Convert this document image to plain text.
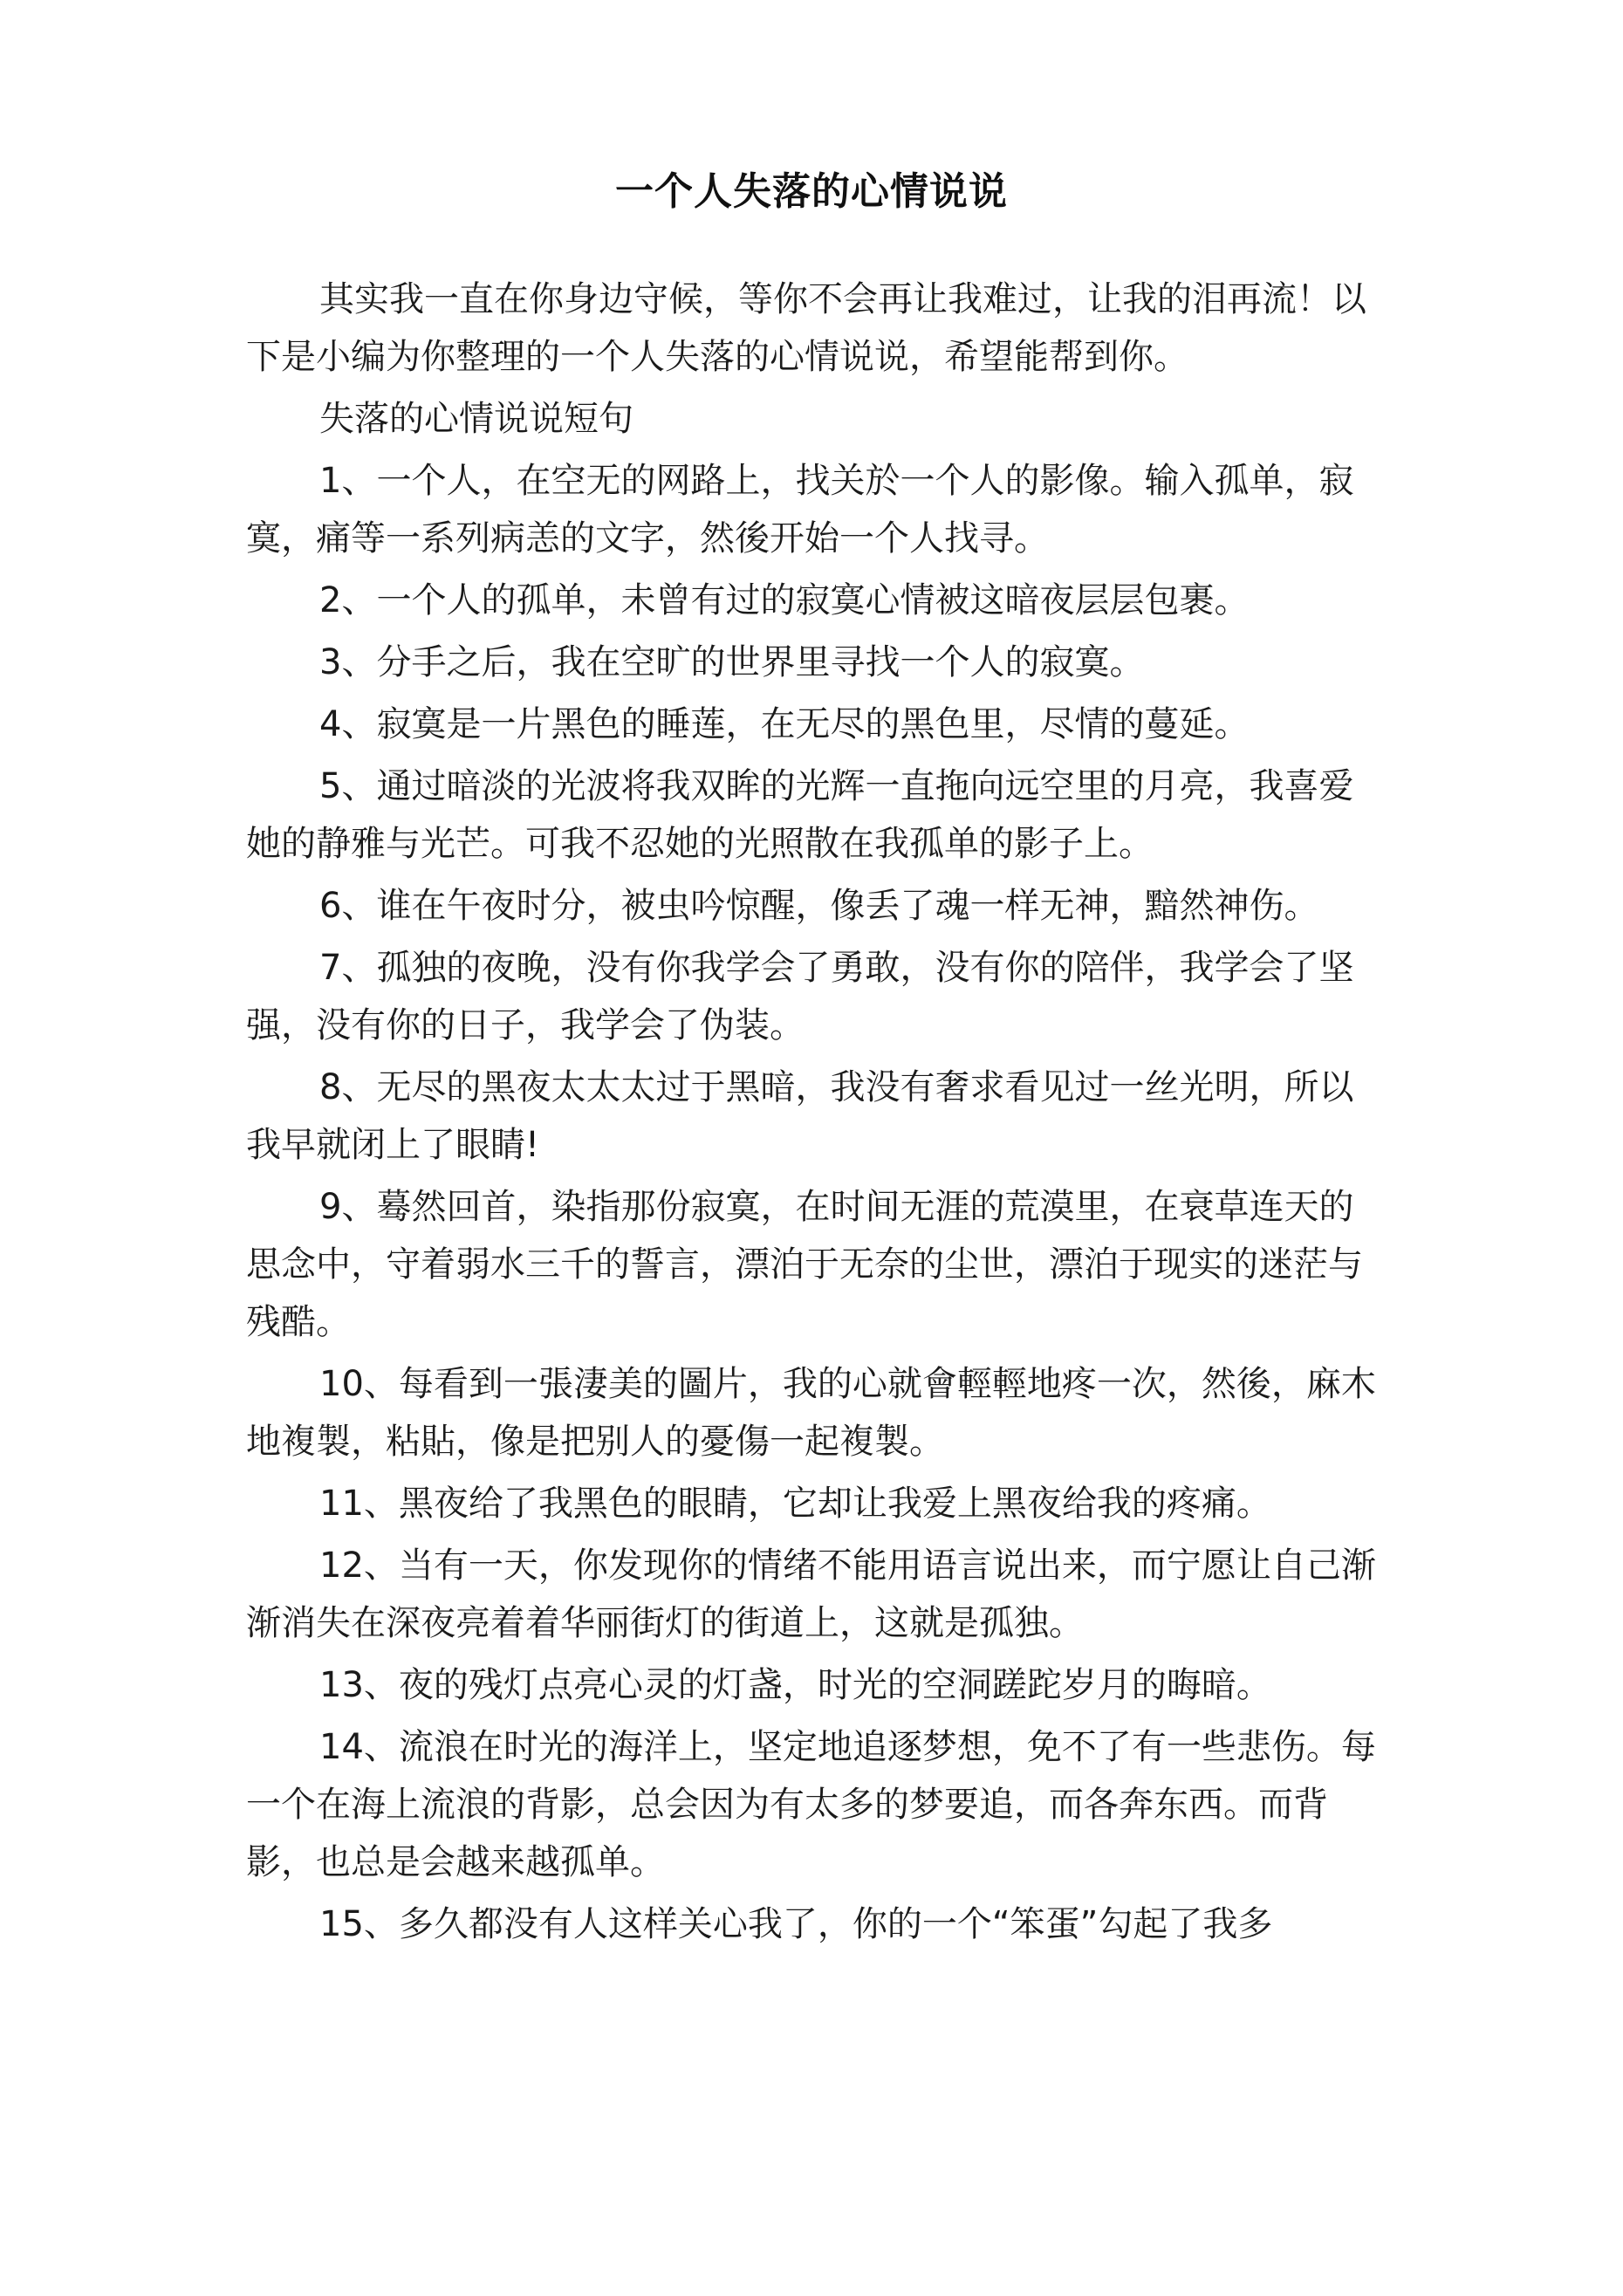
一个人失落的心情说说

其实我一直在你身边守候，等你不会再让我难过，让我的泪再流！以下是小编为你整理的一个人失落的心情说说，希望能帮到你。

失落的心情说说短句

1、一个人，在空无的网路上，找关於一个人的影像。输入孤单，寂寞，痛等一系列病恙的文字，然後开始一个人找寻。

2、一个人的孤单，未曾有过的寂寞心情被这暗夜层层包裹。

3、分手之后，我在空旷的世界里寻找一个人的寂寞。

4、寂寞是一片黑色的睡莲，在无尽的黑色里，尽情的蔓延。

5、通过暗淡的光波将我双眸的光辉一直拖向远空里的月亮，我喜爱她的静雅与光芒。可我不忍她的光照散在我孤单的影子上。

6、谁在午夜时分，被虫吟惊醒，像丢了魂一样无神，黯然神伤。

7、孤独的夜晚，没有你我学会了勇敢，没有你的陪伴，我学会了坚强，没有你的日子，我学会了伪装。

8、无尽的黑夜太太太过于黑暗，我没有奢求看见过一丝光明，所以我早就闭上了眼睛!

9、蓦然回首，染指那份寂寞，在时间无涯的荒漠里，在衰草连天的思念中，守着弱水三千的誓言，漂泊于无奈的尘世，漂泊于现实的迷茫与残酷。

10、每看到一張淒美的圖片，我的心就會輕輕地疼一次，然後，麻木地複製，粘貼，像是把别人的憂傷一起複製。

11、黑夜给了我黑色的眼睛，它却让我爱上黑夜给我的疼痛。

12、当有一天，你发现你的情绪不能用语言说出来，而宁愿让自己渐渐消失在深夜亮着着华丽街灯的街道上，这就是孤独。

13、夜的残灯点亮心灵的灯盏，时光的空洞蹉跎岁月的晦暗。

14、流浪在时光的海洋上，坚定地追逐梦想，免不了有一些悲伤。每一个在海上流浪的背影，总会因为有太多的梦要追，而各奔东西。而背影，也总是会越来越孤单。

15、多久都没有人这样关心我了，你的一个“笨蛋”勾起了我多
